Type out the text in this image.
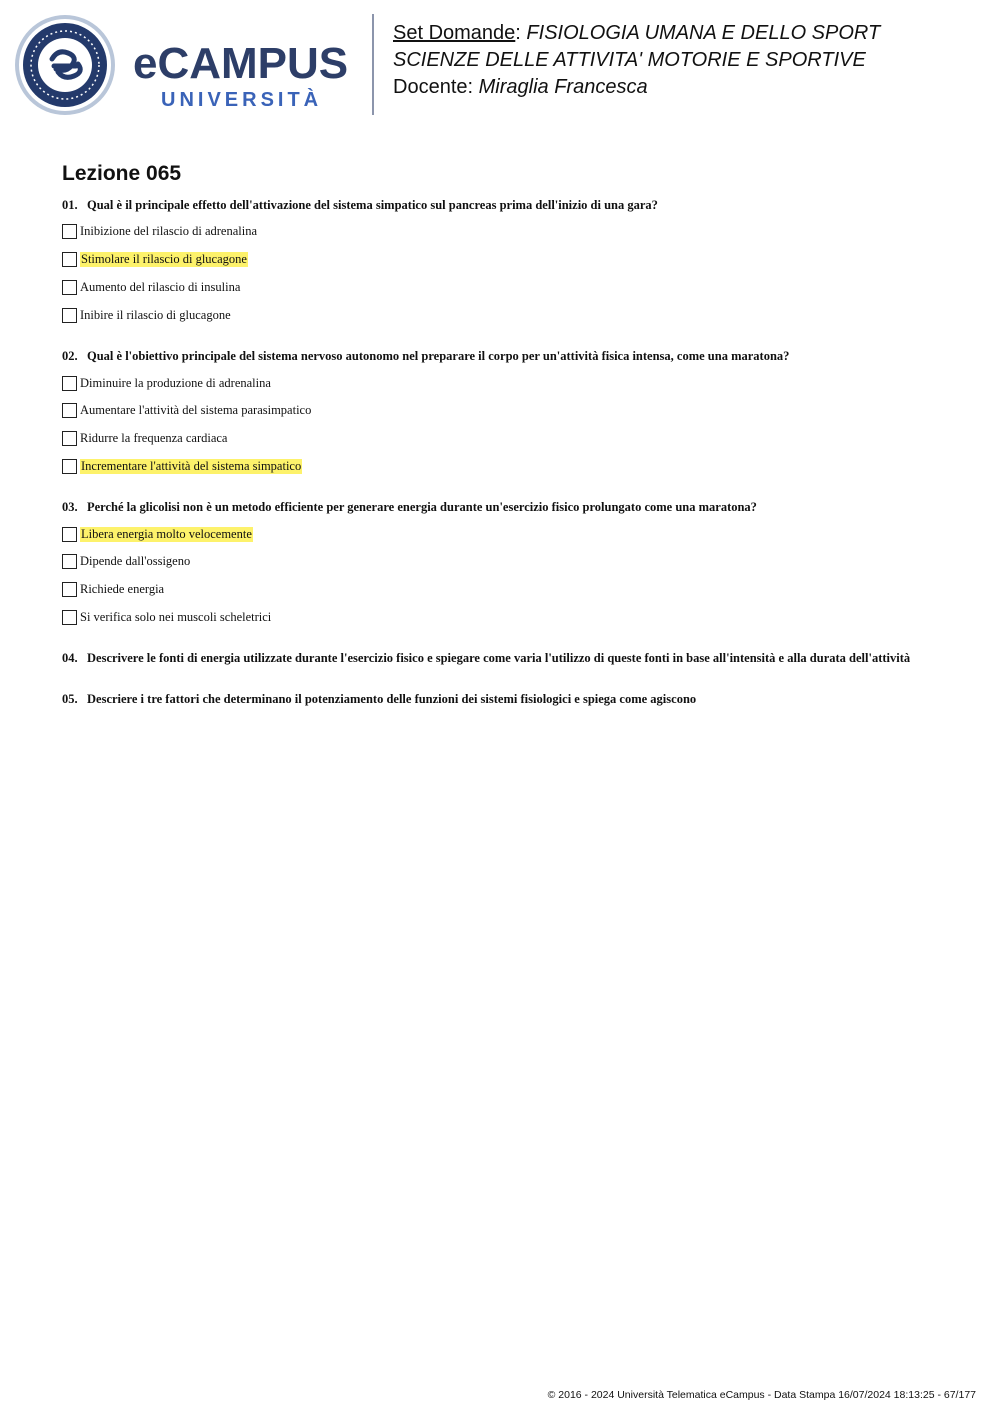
eCAMPUS
UNIVERSITÀ
Set Domande: FISIOLOGIA UMANA E DELLO SPORT
SCIENZE DELLE ATTIVITA' MOTORIE E SPORTIVE
Docente: Miraglia Francesca
Lezione 065
01. Qual è il principale effetto dell'attivazione del sistema simpatico sul pancreas prima dell'inizio di una gara?
Inibizione del rilascio di adrenalina
Stimolare il rilascio di glucagone
Aumento del rilascio di insulina
Inibire il rilascio di glucagone
02. Qual è l'obiettivo principale del sistema nervoso autonomo nel preparare il corpo per un'attività fisica intensa, come una maratona?
Diminuire la produzione di adrenalina
Aumentare l'attività del sistema parasimpatico
Ridurre la frequenza cardiaca
Incrementare l'attività del sistema simpatico
03. Perché la glicolisi non è un metodo efficiente per generare energia durante un'esercizio fisico prolungato come una maratona?
Libera energia molto velocemente
Dipende dall'ossigeno
Richiede energia
Si verifica solo nei muscoli scheletrici
04. Descrivere le fonti di energia utilizzate durante l'esercizio fisico e spiegare come varia l'utilizzo di queste fonti in base all'intensità e alla durata dell'attività
05. Descriere i tre fattori che determinano il potenziamento delle funzioni dei sistemi fisiologici e spiega come agiscono
© 2016 - 2024 Università Telematica eCampus - Data Stampa 16/07/2024 18:13:25 - 67/177
